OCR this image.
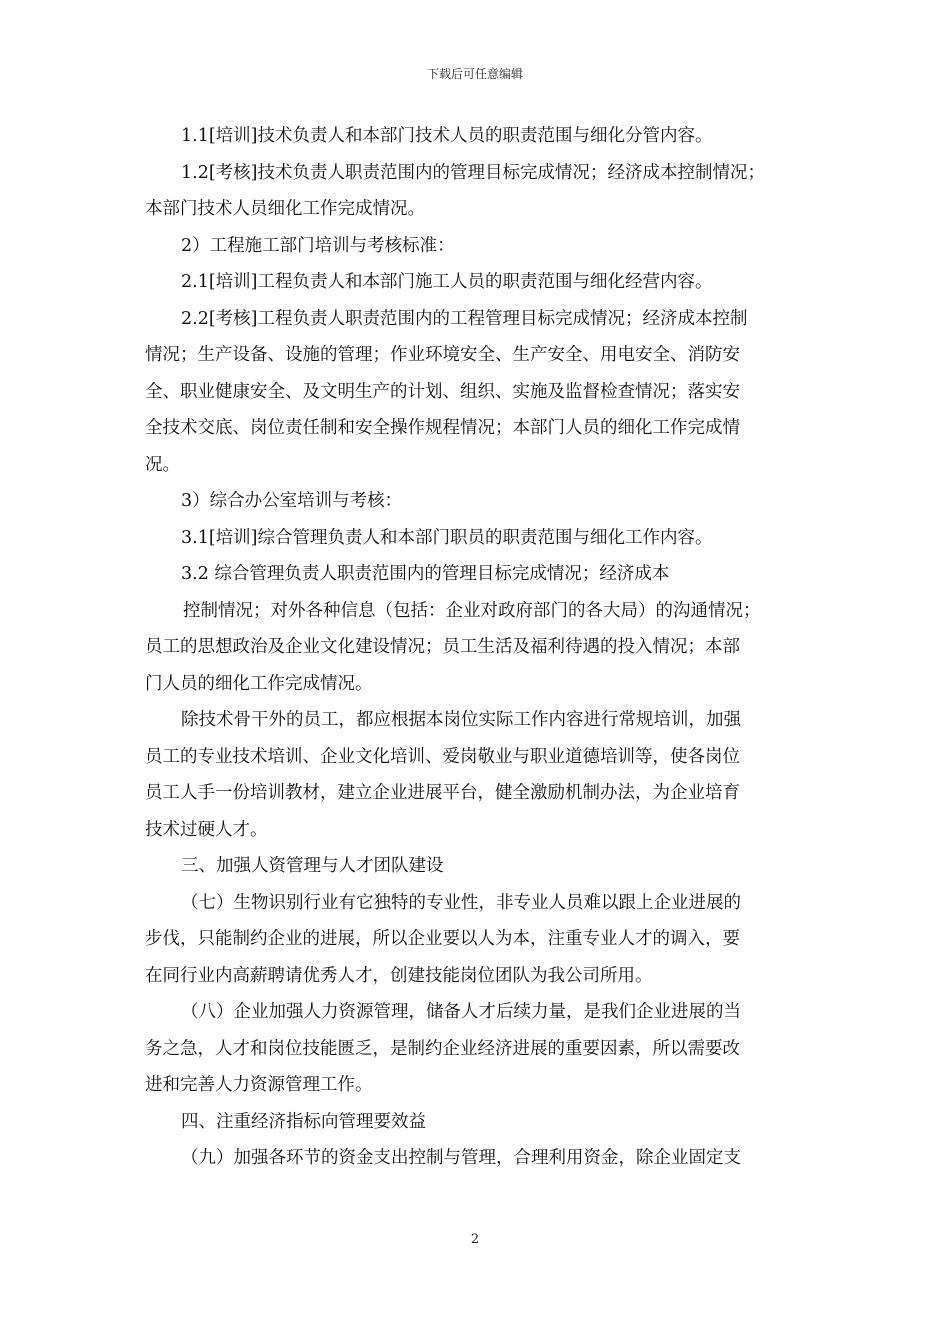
下载后可任意编辑
1.1[培训]技术负责人和本部门技术人员的职责范围与细化分管内容。
1.2[考核]技术负责人职责范围内的管理目标完成情况；经济成本控制情况；
本部门技术人员细化工作完成情况。
2）工程施工部门培训与考核标准：
2.1[培训]工程负责人和本部门施工人员的职责范围与细化经营内容。
2.2[考核]工程负责人职责范围内的工程管理目标完成情况；经济成本控制
情况；生产设备、设施的管理；作业环境安全、生产安全、用电安全、消防安
全、职业健康安全、及文明生产的计划、组织、实施及监督检查情况；落实安
全技术交底、岗位责任制和安全操作规程情况；本部门人员的细化工作完成情
况。
3）综合办公室培训与考核：
3.1[培训]综合管理负责人和本部门职员的职责范围与细化工作内容。
3.2 综合管理负责人职责范围内的管理目标完成情况；经济成本
控制情况；对外各种信息（包括：企业对政府部门的各大局）的沟通情况；
员工的思想政治及企业文化建设情况；员工生活及福利待遇的投入情况；本部
门人员的细化工作完成情况。
除技术骨干外的员工，都应根据本岗位实际工作内容进行常规培训，加强
员工的专业技术培训、企业文化培训、爱岗敬业与职业道德培训等，使各岗位
员工人手一份培训教材，建立企业进展平台，健全激励机制办法，为企业培育
技术过硬人才。
三、加强人资管理与人才团队建设
（七）生物识别行业有它独特的专业性，非专业人员难以跟上企业进展的
步伐，只能制约企业的进展，所以企业要以人为本，注重专业人才的调入，要
在同行业内高薪聘请优秀人才，创建技能岗位团队为我公司所用。
（八）企业加强人力资源管理，储备人才后续力量，是我们企业进展的当
务之急，人才和岗位技能匮乏，是制约企业经济进展的重要因素，所以需要改
进和完善人力资源管理工作。
四、注重经济指标向管理要效益
（九）加强各环节的资金支出控制与管理，合理利用资金，除企业固定支
2
